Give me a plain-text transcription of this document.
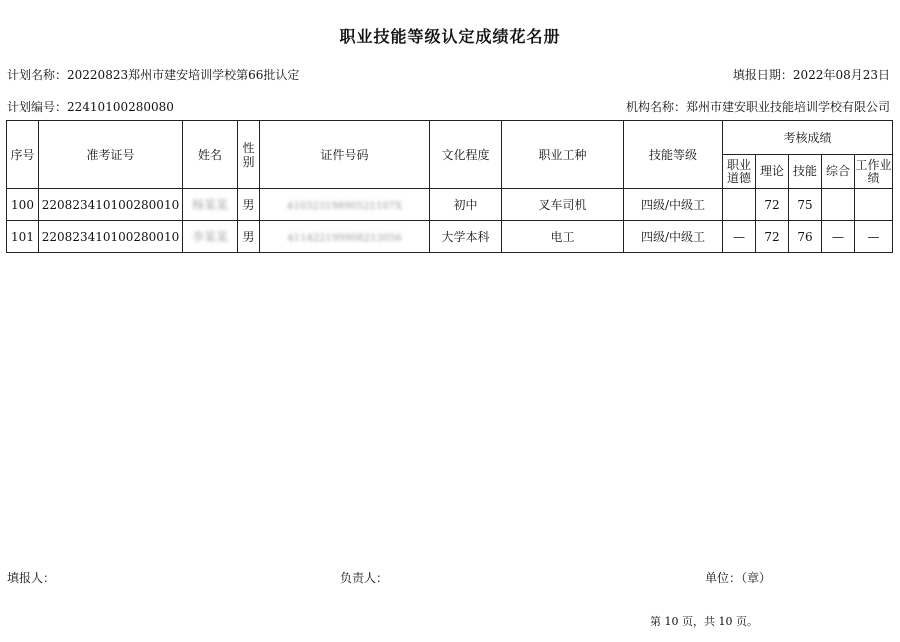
职业技能等级认定成绩花名册
计划名称：20220823郑州市建安培训学校第66批认定	填报日期：2022年08月23日
计划编号：22410100280080	机构名称：郑州市建安职业技能培训学校有限公司
序号	准考证号	姓名	性别	证件号码	文化程度	职业工种	技能等级	考核成绩				
								职业道德	理论	技能	综合	工作业绩
100	220823410100280010	杨某某	男	41032319890521107X	初中	叉车司机	四级/中级工		72	75		
101	220823410100280010	李某某	男	411422199908213056	大学本科	电工	四级/中级工	—	72	76	—	—
填报人：	负责人：	单位：（章）
第 10 页，共 10 页。
